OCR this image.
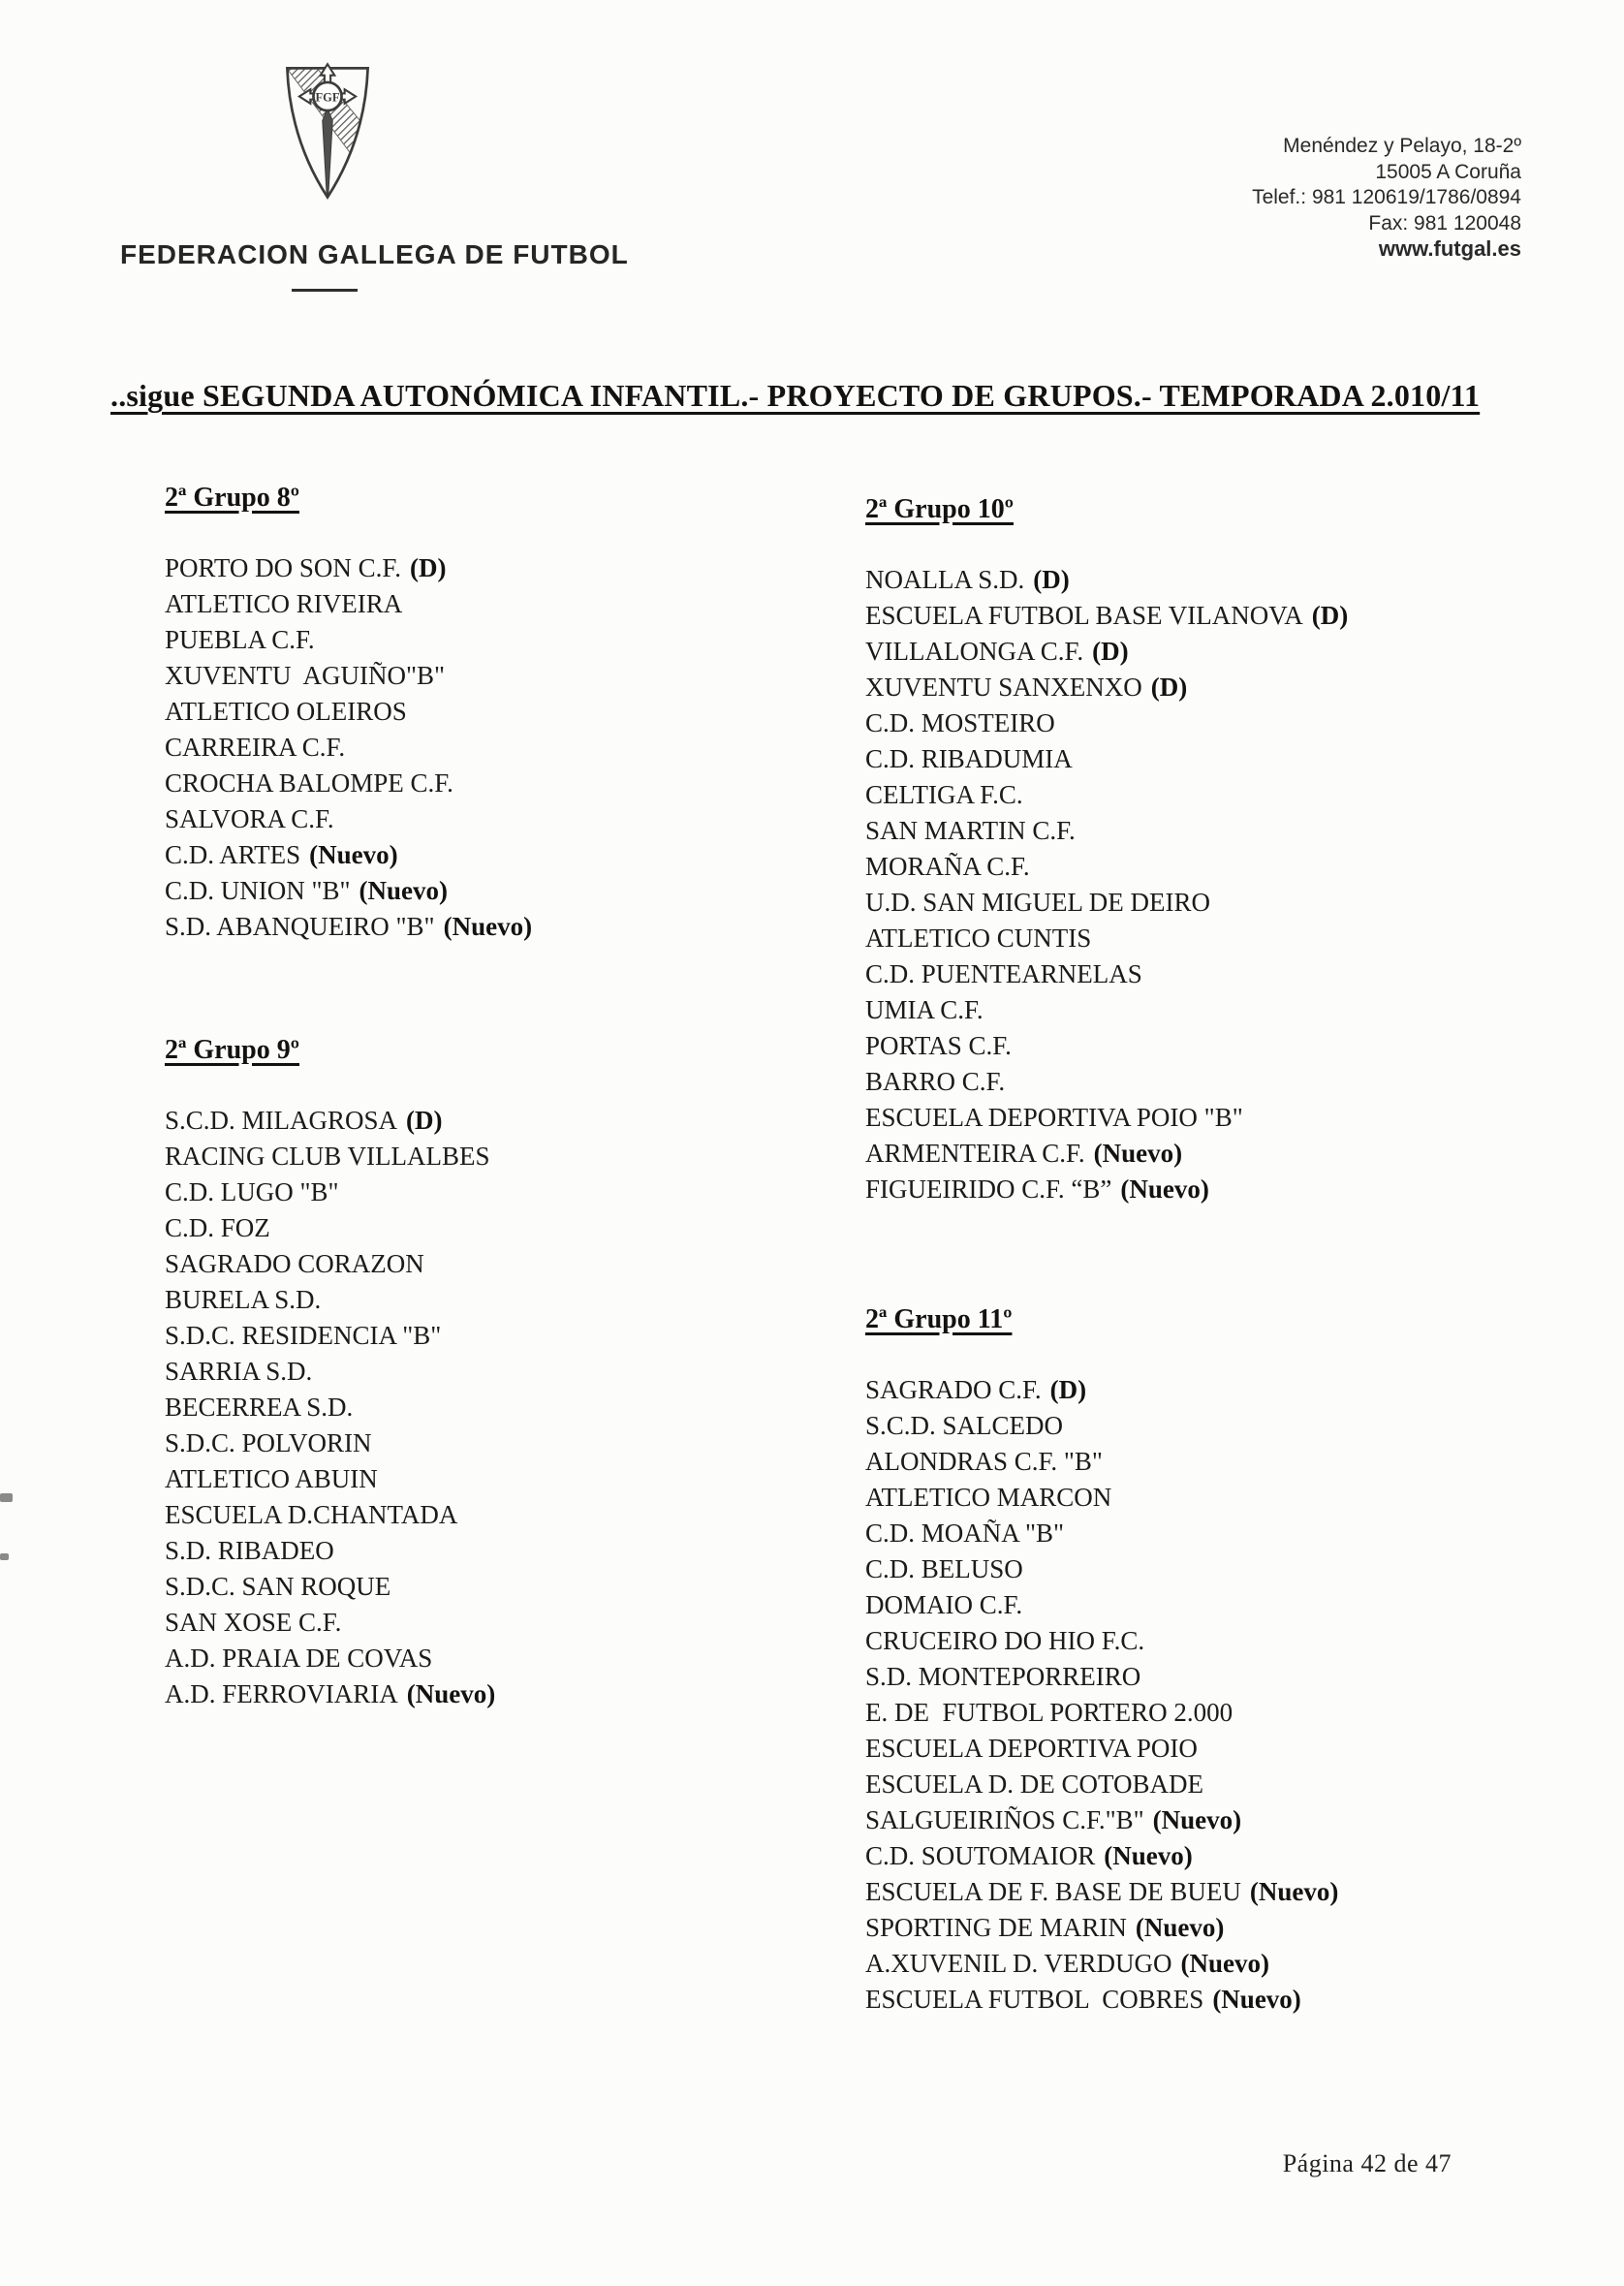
FGF
FEDERACION GALLEGA DE FUTBOL
Menéndez y Pelayo, 18-2º
15005 A Coruña
Telef.: 981 120619/1786/0894
Fax: 981 120048
www.futgal.es
..sigue SEGUNDA AUTONÓMICA INFANTIL.- PROYECTO DE GRUPOS.- TEMPORADA 2.010/11
2ª Grupo 8º
PORTO DO SON C.F. (D)
ATLETICO RIVEIRA
PUEBLA C.F.
XUVENTU  AGUIÑO"B"
ATLETICO OLEIROS
CARREIRA C.F.
CROCHA BALOMPE C.F.
SALVORA C.F.
C.D. ARTES (Nuevo)
C.D. UNION "B" (Nuevo)
S.D. ABANQUEIRO "B" (Nuevo)
2ª Grupo 9º
S.C.D. MILAGROSA (D)
RACING CLUB VILLALBES
C.D. LUGO "B"
C.D. FOZ
SAGRADO CORAZON
BURELA S.D.
S.D.C. RESIDENCIA "B"
SARRIA S.D.
BECERREA S.D.
S.D.C. POLVORIN
ATLETICO ABUIN
ESCUELA D.CHANTADA
S.D. RIBADEO
S.D.C. SAN ROQUE
SAN XOSE C.F.
A.D. PRAIA DE COVAS
A.D. FERROVIARIA (Nuevo)
2ª Grupo 10º
NOALLA S.D. (D)
ESCUELA FUTBOL BASE VILANOVA (D)
VILLALONGA C.F. (D)
XUVENTU SANXENXO (D)
C.D. MOSTEIRO
C.D. RIBADUMIA
CELTIGA F.C.
SAN MARTIN C.F.
MORAÑA C.F.
U.D. SAN MIGUEL DE DEIRO
ATLETICO CUNTIS
C.D. PUENTEARNELAS
UMIA C.F.
PORTAS C.F.
BARRO C.F.
ESCUELA DEPORTIVA POIO "B"
ARMENTEIRA C.F. (Nuevo)
FIGUEIRIDO C.F. “B” (Nuevo)
2ª Grupo 11º
SAGRADO C.F. (D)
S.C.D. SALCEDO
ALONDRAS C.F. "B"
ATLETICO MARCON
C.D. MOAÑA "B"
C.D. BELUSO
DOMAIO C.F.
CRUCEIRO DO HIO F.C.
S.D. MONTEPORREIRO
E. DE  FUTBOL PORTERO 2.000
ESCUELA DEPORTIVA POIO
ESCUELA D. DE COTOBADE
SALGUEIRIÑOS C.F."B" (Nuevo)
C.D. SOUTOMAIOR (Nuevo)
ESCUELA DE F. BASE DE BUEU (Nuevo)
SPORTING DE MARIN (Nuevo)
A.XUVENIL D. VERDUGO (Nuevo)
ESCUELA FUTBOL  COBRES (Nuevo)
Página 42 de 47
